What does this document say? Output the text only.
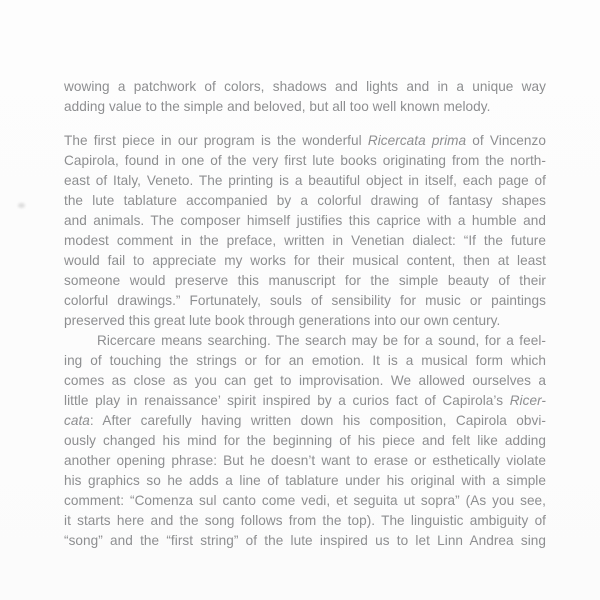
wowing a patchwork of colors, shadows and lights and in a unique way
adding value to the simple and beloved, but all too well known melody.
The first piece in our program is the wonderful Ricercata prima of Vincenzo
Capirola, found in one of the very first lute books originating from the north-
east of Italy, Veneto. The printing is a beautiful object in itself, each page of
the lute tablature accompanied by a colorful drawing of fantasy shapes
and animals. The composer himself justifies this caprice with a humble and
modest comment in the preface, written in Venetian dialect: “If the future
would fail to appreciate my works for their musical content, then at least
someone would preserve this manuscript for the simple beauty of their
colorful drawings.” Fortunately, souls of sensibility for music or paintings
preserved this great lute book through generations into our own century.
Ricercare means searching. The search may be for a sound, for a feel-
ing of touching the strings or for an emotion. It is a musical form which
comes as close as you can get to improvisation. We allowed ourselves a
little play in renaissance’ spirit inspired by a curios fact of Capirola’s Ricer-
cata: After carefully having written down his composition, Capirola obvi-
ously changed his mind for the beginning of his piece and felt like adding
another opening phrase: But he doesn’t want to erase or esthetically violate
his graphics so he adds a line of tablature under his original with a simple
comment: “Comenza sul canto come vedi, et seguita ut sopra” (As you see,
it starts here and the song follows from the top). The linguistic ambiguity of
“song” and the “first string” of the lute inspired us to let Linn Andrea sing
